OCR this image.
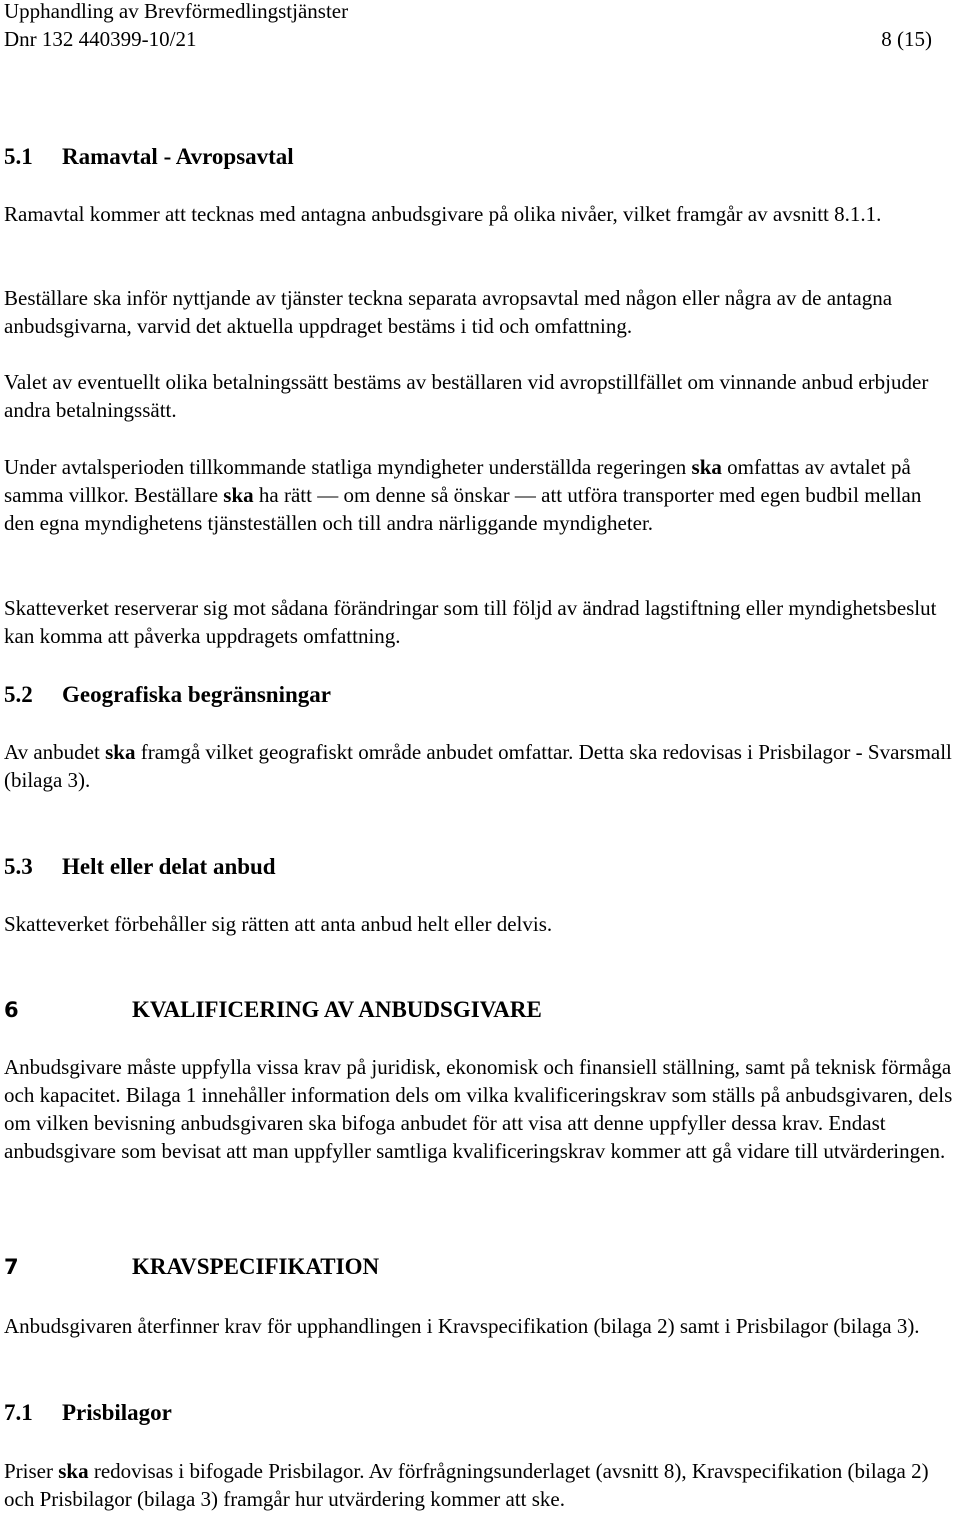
Upphandling av Brevförmedlingstjänster
Dnr 132 440399-10/21	8 (15)
5.1 Ramavtal - Avropsavtal

Ramavtal kommer att tecknas med antagna anbudsgivare på olika nivåer, vilket framgår av avsnitt 8.1.1.

Beställare ska inför nyttjande av tjänster teckna separata avropsavtal med någon eller några av de antagna anbudsgivarna, varvid det aktuella uppdraget bestäms i tid och omfattning.

Valet av eventuellt olika betalningssätt bestäms av beställaren vid avropstillfället om vinnande anbud erbjuder andra betalningssätt.

Under avtalsperioden tillkommande statliga myndigheter underställda regeringen ska omfattas av avtalet på samma villkor. Beställare ska ha rätt — om denne så önskar — att utföra transporter med egen budbil mellan den egna myndighetens tjänsteställen och till andra närliggande myndigheter.

Skatteverket reserverar sig mot sådana förändringar som till följd av ändrad lagstiftning eller myndighetsbeslut kan komma att påverka uppdragets omfattning.

5.2 Geografiska begränsningar

Av anbudet ska framgå vilket geografiskt område anbudet omfattar. Detta ska redovisas i Prisbilagor - Svarsmall (bilaga 3).

5.3 Helt eller delat anbud

Skatteverket förbehåller sig rätten att anta anbud helt eller delvis.

6	KVALIFICERING AV ANBUDSGIVARE

Anbudsgivare måste uppfylla vissa krav på juridisk, ekonomisk och finansiell ställning, samt på teknisk förmåga och kapacitet. Bilaga 1 innehåller information dels om vilka kvalificeringskrav som ställs på anbudsgivaren, dels om vilken bevisning anbudsgivaren ska bifoga anbudet för att visa att denne uppfyller dessa krav. Endast anbudsgivare som bevisat att man uppfyller samtliga kvalificeringskrav kommer att gå vidare till utvärderingen.

7	KRAVSPECIFIKATION

Anbudsgivaren återfinner krav för upphandlingen i Kravspecifikation (bilaga 2) samt i Prisbilagor (bilaga 3).

7.1 Prisbilagor

Priser ska redovisas i bifogade Prisbilagor. Av förfrågningsunderlaget (avsnitt 8), Kravspecifikation (bilaga 2) och Prisbilagor (bilaga 3) framgår hur utvärdering kommer att ske.
